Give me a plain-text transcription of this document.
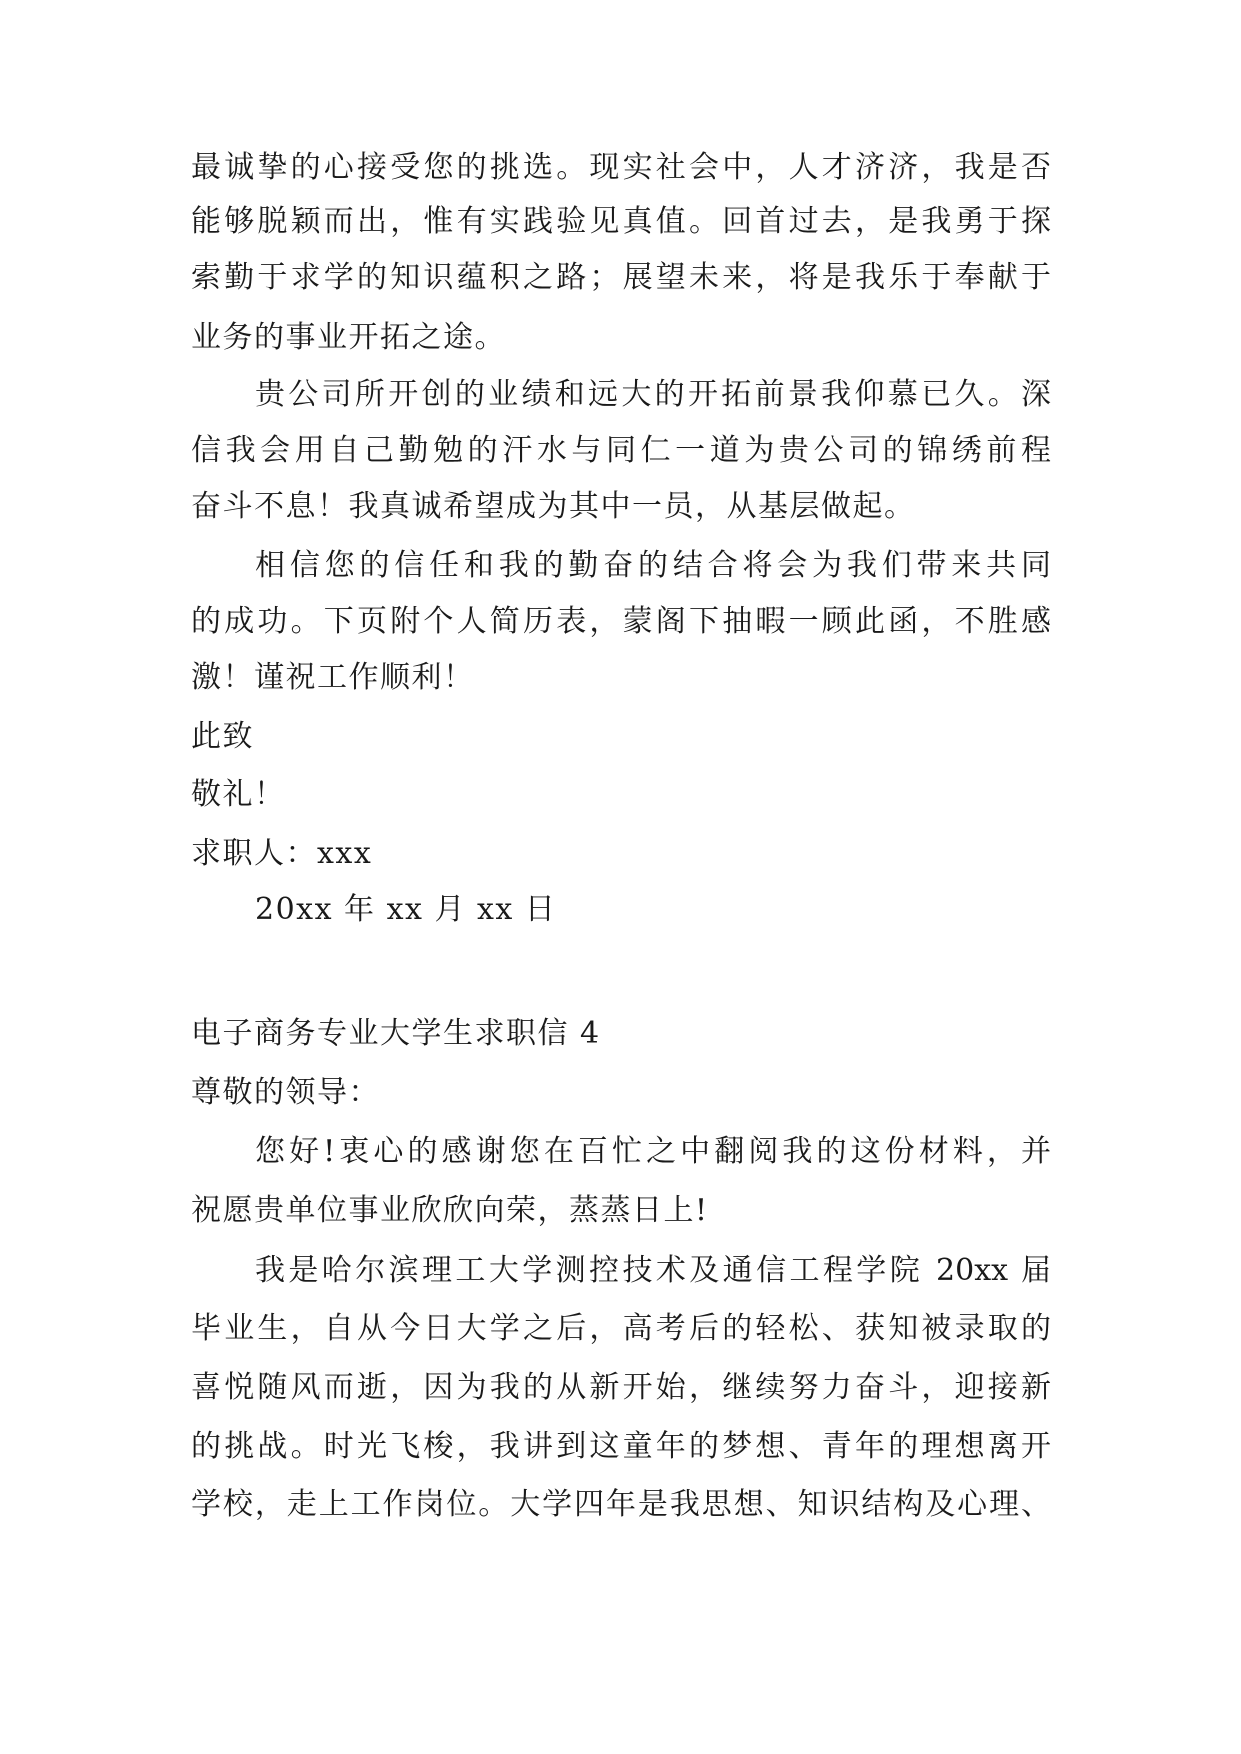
最诚挚的心接受您的挑选。现实社会中，人才济济，我是否
能够脱颖而出，惟有实践验见真值。回首过去，是我勇于探
索勤于求学的知识蕴积之路；展望未来，将是我乐于奉献于
业务的事业开拓之途。
贵公司所开创的业绩和远大的开拓前景我仰慕已久。深
信我会用自己勤勉的汗水与同仁一道为贵公司的锦绣前程
奋斗不息！我真诚希望成为其中一员，从基层做起。
相信您的信任和我的勤奋的结合将会为我们带来共同
的成功。下页附个人简历表，蒙阁下抽暇一顾此函，不胜感
激！谨祝工作顺利！
此致
敬礼！
求职人：xxx
20xx 年 xx 月 xx 日
电子商务专业大学生求职信 4
尊敬的领导：
您好!衷心的感谢您在百忙之中翻阅我的这份材料，并
祝愿贵单位事业欣欣向荣，蒸蒸日上!
我是哈尔滨理工大学测控技术及通信工程学院 20xx 届
毕业生，自从今日大学之后，高考后的轻松、获知被录取的
喜悦随风而逝，因为我的从新开始，继续努力奋斗，迎接新
的挑战。时光飞梭，我讲到这童年的梦想、青年的理想离开
学校，走上工作岗位。大学四年是我思想、知识结构及心理、
